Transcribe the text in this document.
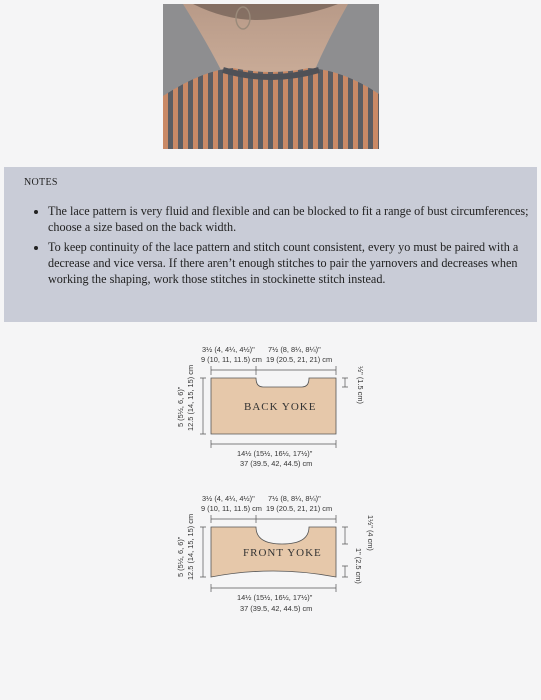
NOTES
• The lace pattern is very fluid and flexible and can be blocked to fit a range of bust circumferences; choose a size based on the back width.
• To keep continuity of the lace pattern and stitch count consistent, every yo must be paired with a decrease and vice versa. If there aren’t enough stitches to pair the yarnovers and decreases when working the shaping, work those stitches in stockinette stitch instead.
3½ (4, 4¼, 4½)"
9 (10, 11, 11.5) cm
7½ (8, 8¼, 8¼)"
19 (20.5, 21, 21) cm
BACK YOKE
5 (5½, 6, 6)" 12.5 (14, 15, 15) cm	½" (1.5 cm)
14½ (15½, 16½, 17½)"
37 (39.5, 42, 44.5) cm
3½ (4, 4¼, 4½)"
9 (10, 11, 11.5) cm
7½ (8, 8¼, 8¼)"
19 (20.5, 21, 21) cm
FRONT YOKE
5 (5½, 6, 6)" 12.5 (14, 15, 15) cm	1½" (4 cm)
1" (2.5 cm)
14½ (15½, 16½, 17½)"
37 (39.5, 42, 44.5) cm
